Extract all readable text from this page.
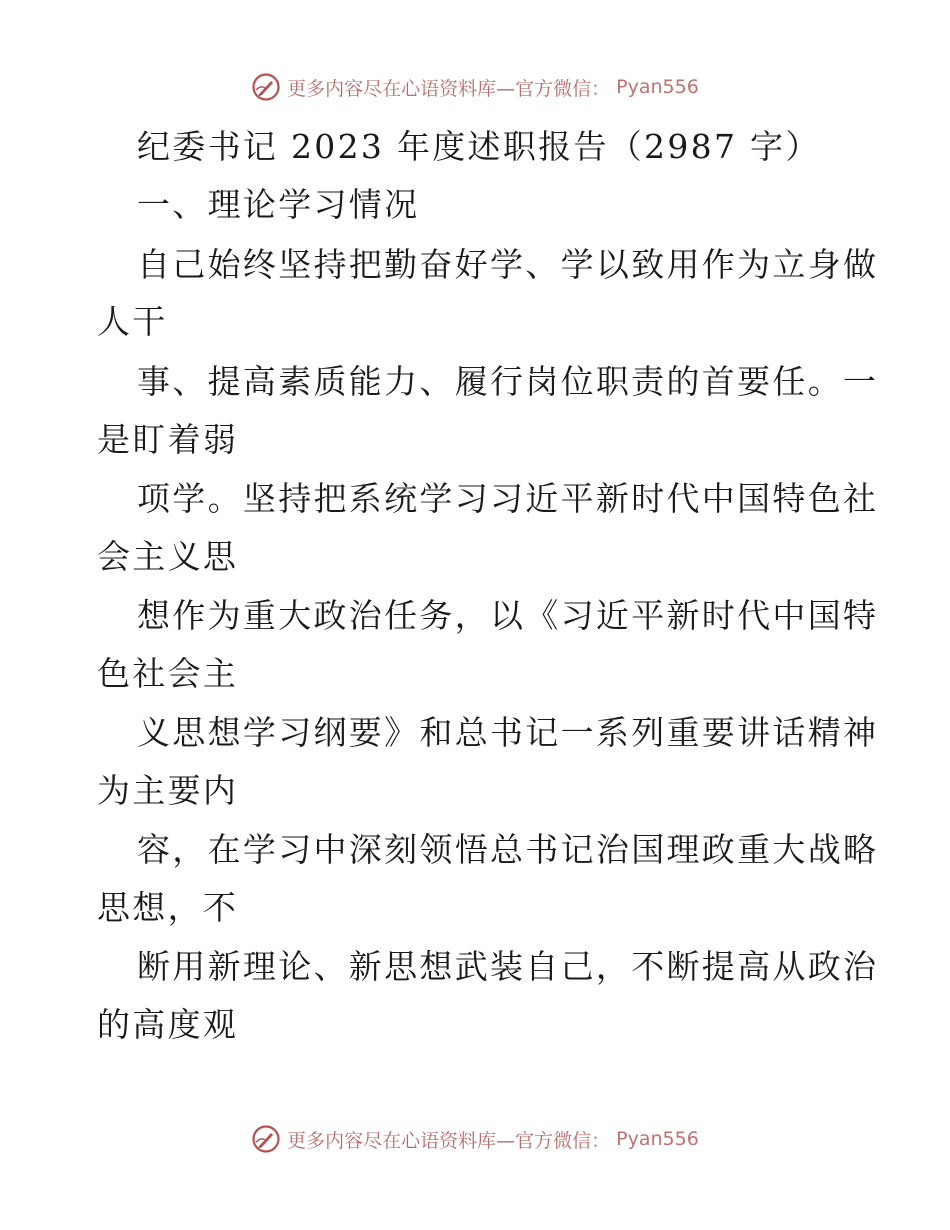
更多内容尽在心语资料库—官方微信： Pyan556
纪委书记 2023 年度述职报告（2987 字）
一、理论学习情况
自己始终坚持把勤奋好学、学以致用作为立身做
人干
事、提高素质能力、履行岗位职责的首要任。一
是盯着弱
项学。坚持把系统学习习近平新时代中国特色社
会主义思
想作为重大政治任务，以《习近平新时代中国特
色社会主
义思想学习纲要》和总书记一系列重要讲话精神
为主要内
容，在学习中深刻领悟总书记治国理政重大战略
思想，不
断用新理论、新思想武装自己，不断提高从政治
的高度观
更多内容尽在心语资料库—官方微信： Pyan556
